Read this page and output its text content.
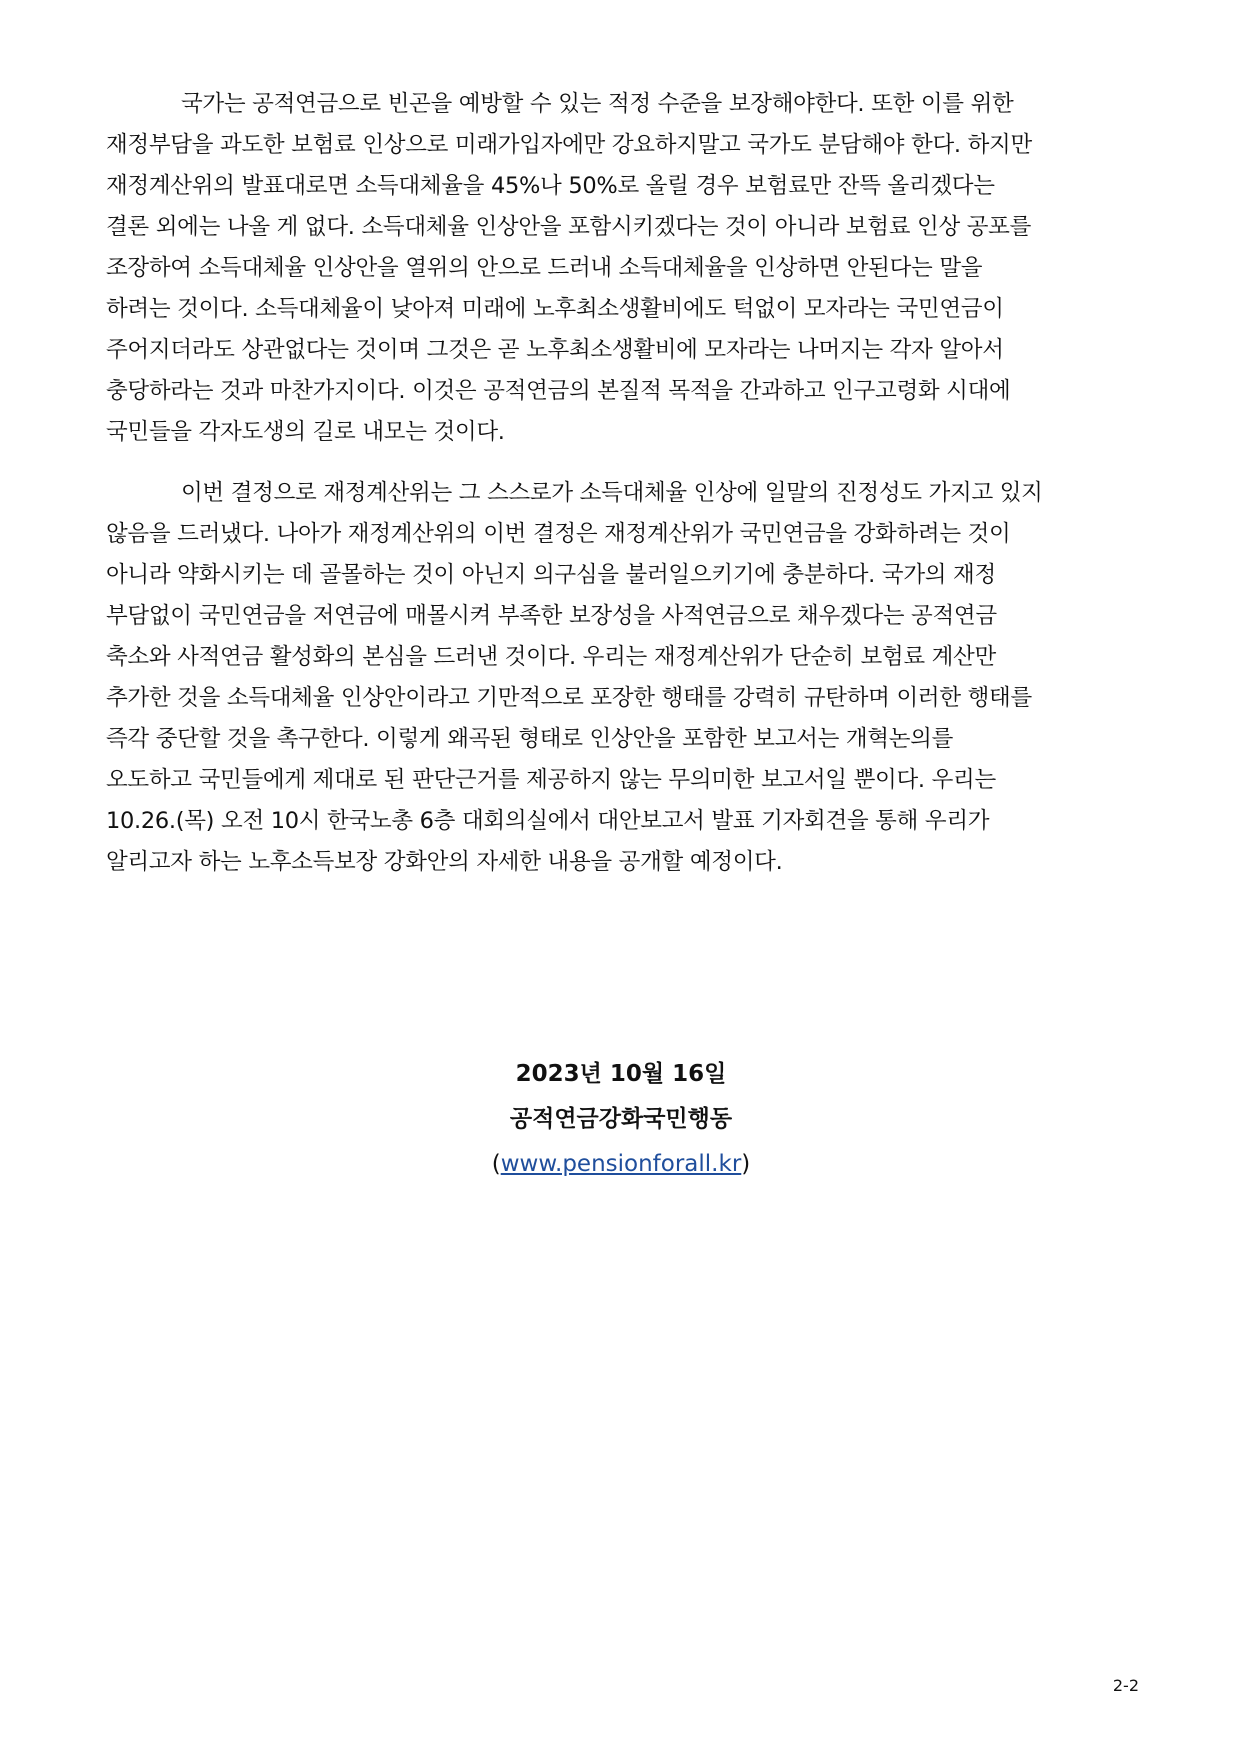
국가는 공적연금으로 빈곤을 예방할 수 있는 적정 수준을 보장해야한다. 또한 이를 위한
재정부담을 과도한 보험료 인상으로 미래가입자에만 강요하지말고 국가도 분담해야 한다. 하지만
재정계산위의 발표대로면 소득대체율을 45%나 50%로 올릴 경우 보험료만 잔뜩 올리겠다는
결론 외에는 나올 게 없다. 소득대체율 인상안을 포함시키겠다는 것이 아니라 보험료 인상 공포를
조장하여 소득대체율 인상안을 열위의 안으로 드러내 소득대체율을 인상하면 안된다는 말을
하려는 것이다. 소득대체율이 낮아져 미래에 노후최소생활비에도 턱없이 모자라는 국민연금이
주어지더라도 상관없다는 것이며 그것은 곧 노후최소생활비에 모자라는 나머지는 각자 알아서
충당하라는 것과 마찬가지이다. 이것은 공적연금의 본질적 목적을 간과하고 인구고령화 시대에
국민들을 각자도생의 길로 내모는 것이다.
이번 결정으로 재정계산위는 그 스스로가 소득대체율 인상에 일말의 진정성도 가지고 있지
않음을 드러냈다. 나아가 재정계산위의 이번 결정은 재정계산위가 국민연금을 강화하려는 것이
아니라 약화시키는 데 골몰하는 것이 아닌지 의구심을 불러일으키기에 충분하다. 국가의 재정
부담없이 국민연금을 저연금에 매몰시켜 부족한 보장성을 사적연금으로 채우겠다는 공적연금
축소와 사적연금 활성화의 본심을 드러낸 것이다. 우리는 재정계산위가 단순히 보험료 계산만
추가한 것을 소득대체율 인상안이라고 기만적으로 포장한 행태를 강력히 규탄하며 이러한 행태를
즉각 중단할 것을 촉구한다. 이렇게 왜곡된 형태로 인상안을 포함한 보고서는 개혁논의를
오도하고 국민들에게 제대로 된 판단근거를 제공하지 않는 무의미한 보고서일 뿐이다. 우리는
10.26.(목) 오전 10시 한국노총 6층 대회의실에서 대안보고서 발표 기자회견을 통해 우리가
알리고자 하는 노후소득보장 강화안의 자세한 내용을 공개할 예정이다.
2023년 10월 16일
공적연금강화국민행동
(www.pensionforall.kr)
2-2
